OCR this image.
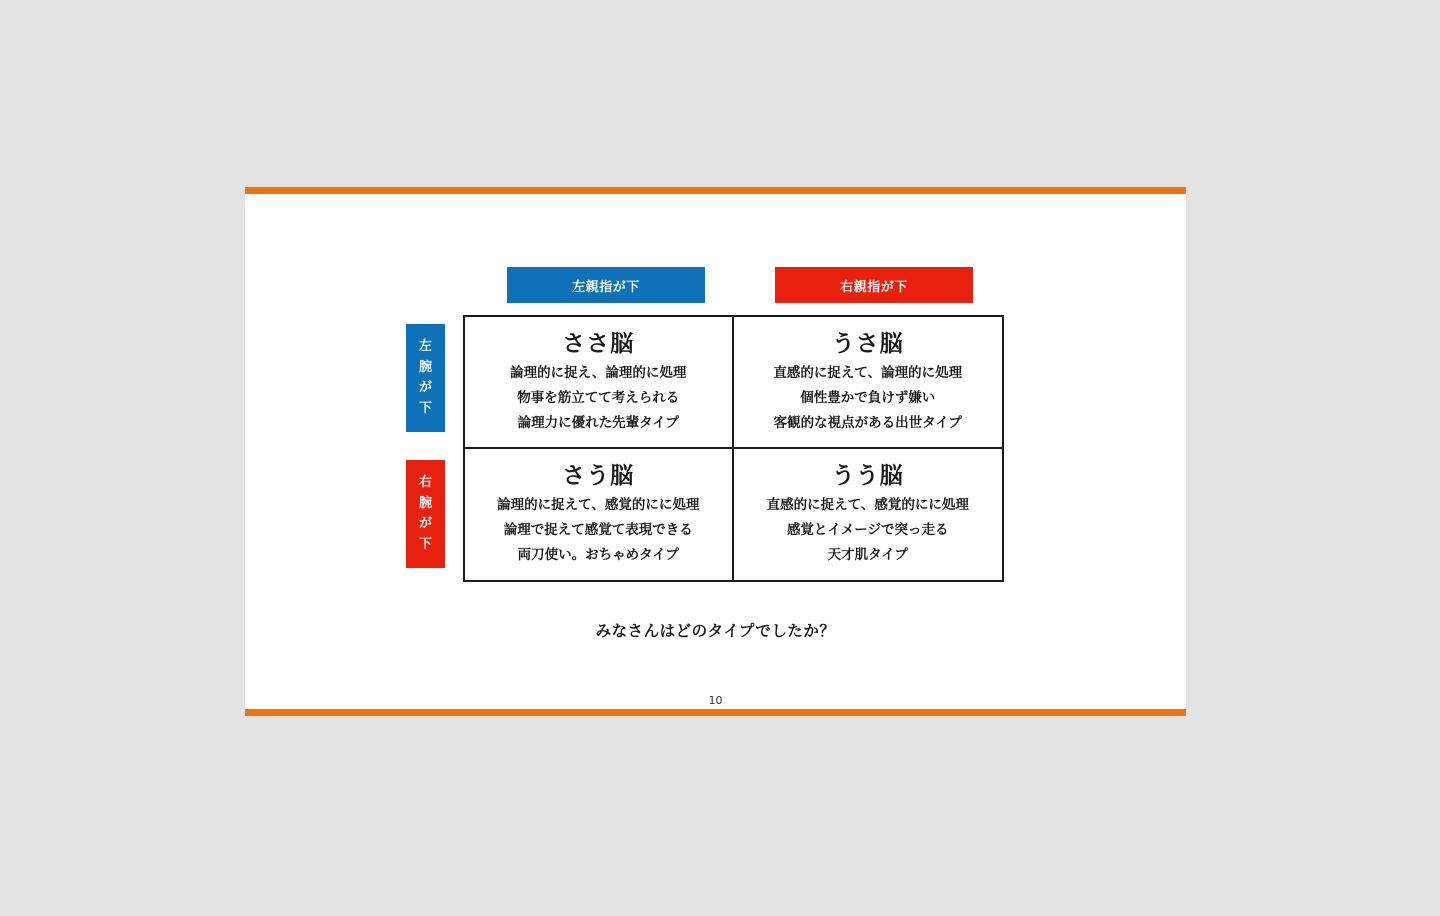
左親指が下	右親指が下
左
腕
が
下
右
腕
が
下
ささ脳
論理的に捉え、論理的に処理
物事を筋立てて考えられる
論理力に優れた先輩タイプ
うさ脳
直感的に捉えて、論理的に処理
個性豊かで負けず嫌い
客観的な視点がある出世タイプ
さう脳
論理的に捉えて、感覚的にに処理
論理で捉えて感覚て表現できる
両刀使い。おちゃめタイプ
うう脳
直感的に捉えて、感覚的にに処理
感覚とイメージで突っ走る
天才肌タイプ
みなさんはどのタイプでしたか？
10
